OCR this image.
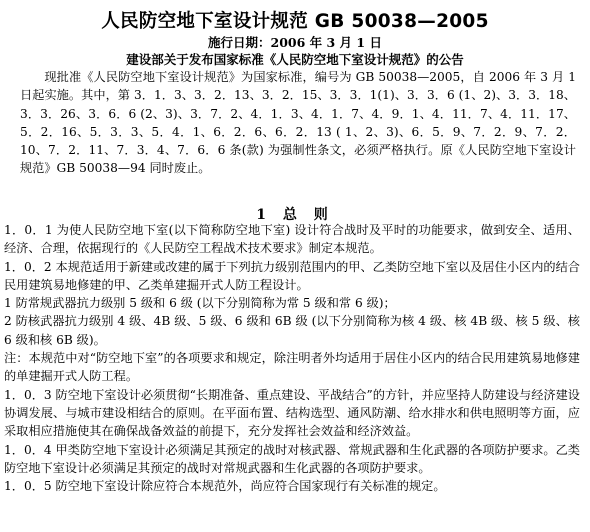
人民防空地下室设计规范 GB 50038—2005
施行日期：2006 年 3 月 1 日
建设部关于发布国家标准《人民防空地下室设计规范》的公告

现批准《人民防空地下室设计规范》为国家标准，编号为 GB 50038—2005，自 2006 年 3 月 1 日起实施。其中，第 3．1．3、3．2．13、3．2．15、3．3．1(1)、3．3．6 (1、2)、3．3．18、3．3．26、3．6．6 (2、3)、3．7．2、4．1．3、4．1．7、4．9．1、4．11．7、4．11．17、5．2．16、5．3．3、5．4．1、6．2．6、6．2．13 ( 1、2、3)、6．5．9、7．2．9、7．2．10、7．2．11、7．3．4、7．6．6 条(款) 为强制性条文，必须严格执行。原《人民防空地下室设计规范》GB 50038—94 同时废止。

1 总 则

1．0．1 为使人民防空地下室(以下简称防空地下室) 设计符合战时及平时的功能要求，做到安全、适用、经济、合理，依据现行的《人民防空工程战术技术要求》制定本规范。

1．0．2 本规范适用于新建或改建的属于下列抗力级别范围内的甲、乙类防空地下室以及居住小区内的结合民用建筑易地修建的甲、乙类单建掘开式人防工程设计。

1 防常规武器抗力级别 5 级和 6 级 (以下分别简称为常 5 级和常 6 级)；

2 防核武器抗力级别 4 级、4B 级、5 级、6 级和 6B 级 (以下分别简称为核 4 级、核 4B 级、核 5 级、核 6 级和核 6B 级)。

注：本规范中对“防空地下室”的各项要求和规定，除注明者外均适用于居住小区内的结合民用建筑易地修建的单建掘开式人防工程。

1．0．3 防空地下室设计必须贯彻“长期准备、重点建设、平战结合”的方针，并应坚持人防建设与经济建设协调发展、与城市建设相结合的原则。在平面布置、结构选型、通风防潮、给水排水和供电照明等方面，应采取相应措施使其在确保战备效益的前提下，充分发挥社会效益和经济效益。

1．0．4 甲类防空地下室设计必须满足其预定的战时对核武器、常规武器和生化武器的各项防护要求。乙类防空地下室设计必须满足其预定的战时对常规武器和生化武器的各项防护要求。

1．0．5 防空地下室设计除应符合本规范外，尚应符合国家现行有关标准的规定。
